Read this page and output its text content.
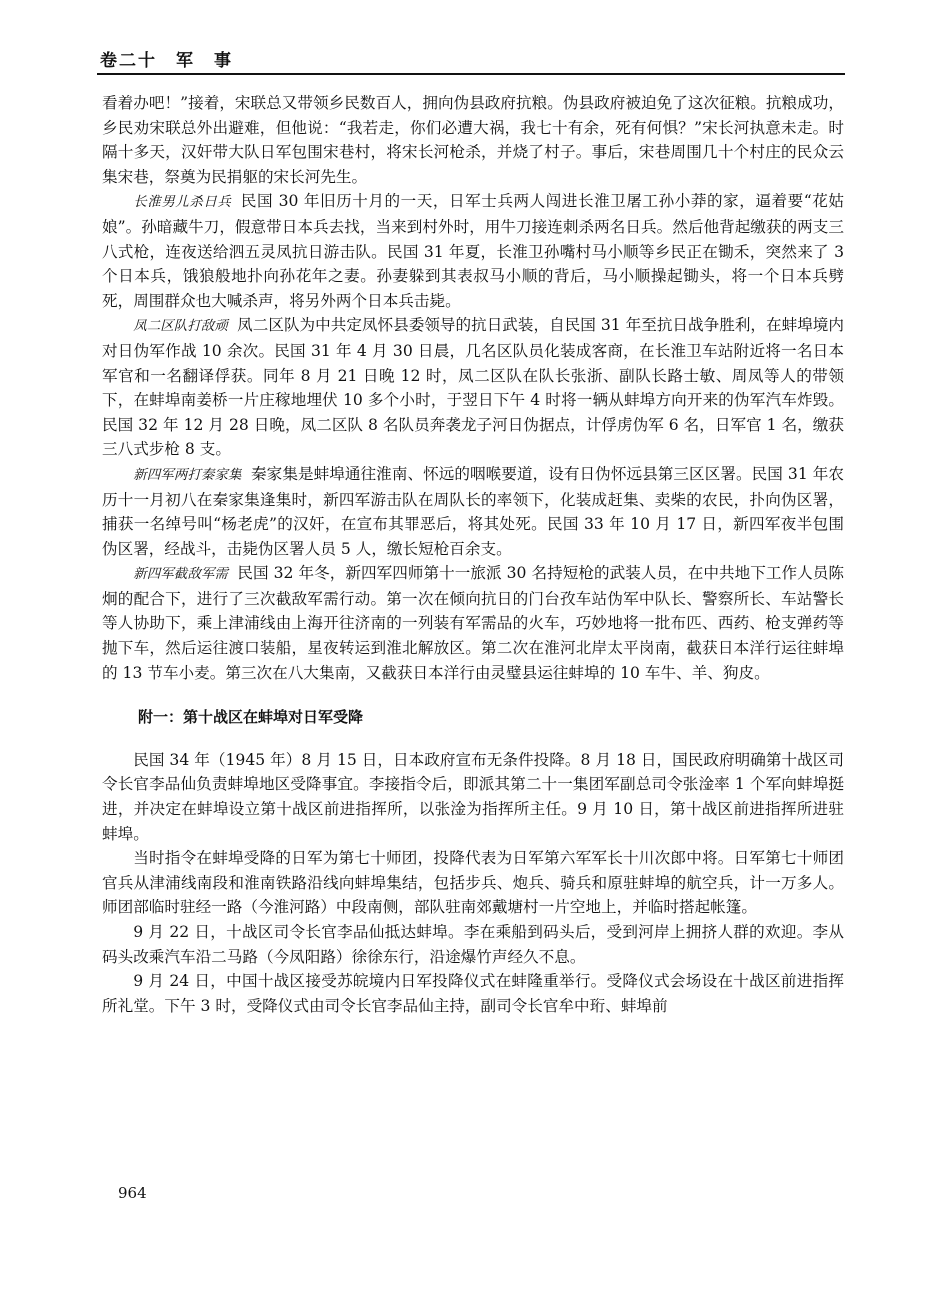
卷二十　军　事

看着办吧！”接着，宋联总又带领乡民数百人，拥向伪县政府抗粮。伪县政府被迫免了这次征粮。抗粮成功，乡民劝宋联总外出避难，但他说：“我若走，你们必遭大祸，我七十有余，死有何惧？”宋长河执意未走。时隔十多天，汉奸带大队日军包围宋巷村，将宋长河枪杀，并烧了村子。事后，宋巷周围几十个村庄的民众云集宋巷，祭奠为民捐躯的宋长河先生。

长淮男儿杀日兵 民国 30 年旧历十月的一天，日军士兵两人闯进长淮卫屠工孙小莽的家，逼着要“花姑娘”。孙暗藏牛刀，假意带日本兵去找，当来到村外时，用牛刀接连刺杀两名日兵。然后他背起缴获的两支三八式枪，连夜送给泗五灵凤抗日游击队。民国 31 年夏，长淮卫孙嘴村马小顺等乡民正在锄禾，突然来了 3 个日本兵，饿狼般地扑向孙花年之妻。孙妻躲到其表叔马小顺的背后，马小顺操起锄头，将一个日本兵劈死，周围群众也大喊杀声，将另外两个日本兵击毙。

凤二区队打敌顽 凤二区队为中共定凤怀县委领导的抗日武装，自民国 31 年至抗日战争胜利，在蚌埠境内对日伪军作战 10 余次。民国 31 年 4 月 30 日晨，几名区队员化装成客商，在长淮卫车站附近将一名日本军官和一名翻译俘获。同年 8 月 21 日晚 12 时，凤二区队在队长张浙、副队长路士敏、周凤等人的带领下，在蚌埠南姜桥一片庄稼地埋伏 10 多个小时，于翌日下午 4 时将一辆从蚌埠方向开来的伪军汽车炸毁。民国 32 年 12 月 28 日晚，凤二区队 8 名队员奔袭龙子河日伪据点，计俘虏伪军 6 名，日军官 1 名，缴获三八式步枪 8 支。

新四军两打秦家集 秦家集是蚌埠通往淮南、怀远的咽喉要道，设有日伪怀远县第三区区署。民国 31 年农历十一月初八在秦家集逢集时，新四军游击队在周队长的率领下，化装成赶集、卖柴的农民，扑向伪区署，捕获一名绰号叫“杨老虎”的汉奸，在宣布其罪恶后，将其处死。民国 33 年 10 月 17 日，新四军夜半包围伪区署，经战斗，击毙伪区署人员 5 人，缴长短枪百余支。

新四军截敌军需 民国 32 年冬，新四军四师第十一旅派 30 名持短枪的武装人员，在中共地下工作人员陈炯的配合下，进行了三次截敌军需行动。第一次在倾向抗日的门台孜车站伪军中队长、警察所长、车站警长等人协助下，乘上津浦线由上海开往济南的一列装有军需品的火车，巧妙地将一批布匹、西药、枪支弹药等抛下车，然后运往渡口装船，星夜转运到淮北解放区。第二次在淮河北岸太平岗南，截获日本洋行运往蚌埠的 13 节车小麦。第三次在八大集南，又截获日本洋行由灵璧县运往蚌埠的 10 车牛、羊、狗皮。

附一：第十战区在蚌埠对日军受降

民国 34 年（1945 年）8 月 15 日，日本政府宣布无条件投降。8 月 18 日，国民政府明确第十战区司令长官李品仙负责蚌埠地区受降事宜。李接指令后，即派其第二十一集团军副总司令张淦率 1 个军向蚌埠挺进，并决定在蚌埠设立第十战区前进指挥所，以张淦为指挥所主任。9 月 10 日，第十战区前进指挥所进驻蚌埠。

当时指令在蚌埠受降的日军为第七十师团，投降代表为日军第六军军长十川次郎中将。日军第七十师团官兵从津浦线南段和淮南铁路沿线向蚌埠集结，包括步兵、炮兵、骑兵和原驻蚌埠的航空兵，计一万多人。师团部临时驻经一路（今淮河路）中段南侧，部队驻南郊戴塘村一片空地上，并临时搭起帐篷。

9 月 22 日，十战区司令长官李品仙抵达蚌埠。李在乘船到码头后，受到河岸上拥挤人群的欢迎。李从码头改乘汽车沿二马路（今凤阳路）徐徐东行，沿途爆竹声经久不息。

9 月 24 日，中国十战区接受苏皖境内日军投降仪式在蚌隆重举行。受降仪式会场设在十战区前进指挥所礼堂。下午 3 时，受降仪式由司令长官李品仙主持，副司令长官牟中珩、蚌埠前

964
